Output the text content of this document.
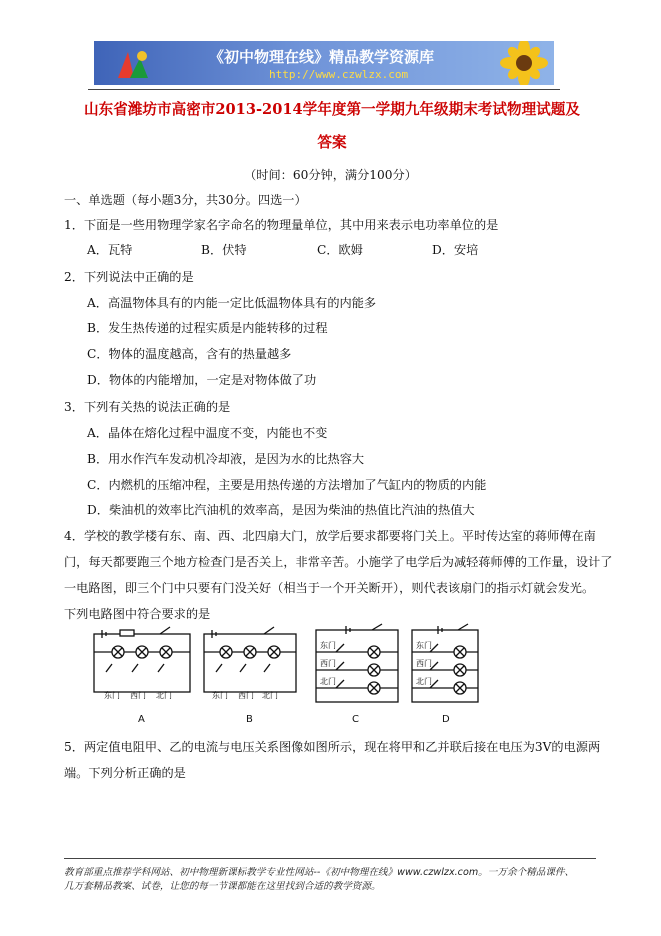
《初中物理在线》精品教学资源库
http://www.czwlzx.com
山东省潍坊市高密市2013-2014学年度第一学期九年级期末考试物理试题及
答案
（时间：60分钟，满分100分）
一、单选题（每小题3分，共30分。四选一）
1．下面是一些用物理学家名字命名的物理量单位，其中用来表示电功率单位的是
A．瓦特	B．伏特	C．欧姆	D．安培
2．下列说法中正确的是
A．高温物体具有的内能一定比低温物体具有的内能多
B．发生热传递的过程实质是内能转移的过程
C．物体的温度越高，含有的热量越多
D．物体的内能增加，一定是对物体做了功
3．下列有关热的说法正确的是
A．晶体在熔化过程中温度不变，内能也不变
B．用水作汽车发动机冷却液，是因为水的比热容大
C．内燃机的压缩冲程，主要是用热传递的方法增加了气缸内的物质的内能
D．柴油机的效率比汽油机的效率高，是因为柴油的热值比汽油的热值大
4．学校的教学楼有东、南、西、北四扇大门，放学后要求都要将门关上。平时传达室的蒋师傅在南
门，每天都要跑三个地方检查门是否关上，非常辛苦。小施学了电学后为减轻蒋师傅的工作量，设计了
一电路图，即三个门中只要有门没关好（相当于一个开关断开），则代表该扇门的指示灯就会发光。
下列电路图中符合要求的是
东门 西门 北门
A
东门 西门 北门
B
东门
西门
北门
C
东门
西门
北门
D
5．两定值电阻甲、乙的电流与电压关系图像如图所示，现在将甲和乙并联后接在电压为3V的电源两
端。下列分析正确的是
教育部重点推荐学科网站、初中物理新课标教学专业性网站--《初中物理在线》www.czwlzx.com。一万余个精品课件、
几万套精品教案、试卷，让您的每一节课都能在这里找到合适的教学资源。
